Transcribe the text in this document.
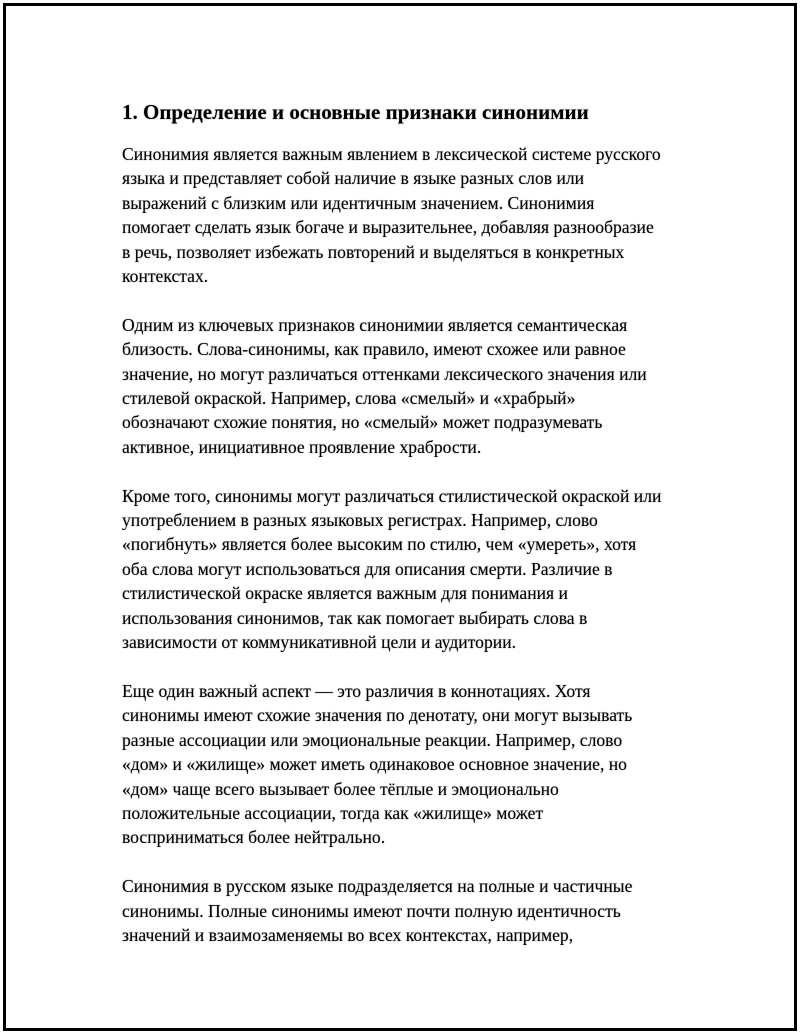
1. Определение и основные признаки синонимии
Синонимия является важным явлением в лексической системе русского
языка и представляет собой наличие в языке разных слов или
выражений с близким или идентичным значением. Синонимия
помогает сделать язык богаче и выразительнее, добавляя разнообразие
в речь, позволяет избежать повторений и выделяться в конкретных
контекстах.
Одним из ключевых признаков синонимии является семантическая
близость. Слова-синонимы, как правило, имеют схожее или равное
значение, но могут различаться оттенками лексического значения или
стилевой окраской. Например, слова «смелый» и «храбрый»
обозначают схожие понятия, но «смелый» может подразумевать
активное, инициативное проявление храбрости.
Кроме того, синонимы могут различаться стилистической окраской или
употреблением в разных языковых регистрах. Например, слово
«погибнуть» является более высоким по стилю, чем «умереть», хотя
оба слова могут использоваться для описания смерти. Различие в
стилистической окраске является важным для понимания и
использования синонимов, так как помогает выбирать слова в
зависимости от коммуникативной цели и аудитории.
Еще один важный аспект — это различия в коннотациях. Хотя
синонимы имеют схожие значения по денотату, они могут вызывать
разные ассоциации или эмоциональные реакции. Например, слово
«дом» и «жилище» может иметь одинаковое основное значение, но
«дом» чаще всего вызывает более тёплые и эмоционально
положительные ассоциации, тогда как «жилище» может
восприниматься более нейтрально.
Синонимия в русском языке подразделяется на полные и частичные
синонимы. Полные синонимы имеют почти полную идентичность
значений и взаимозаменяемы во всех контекстах, например,
